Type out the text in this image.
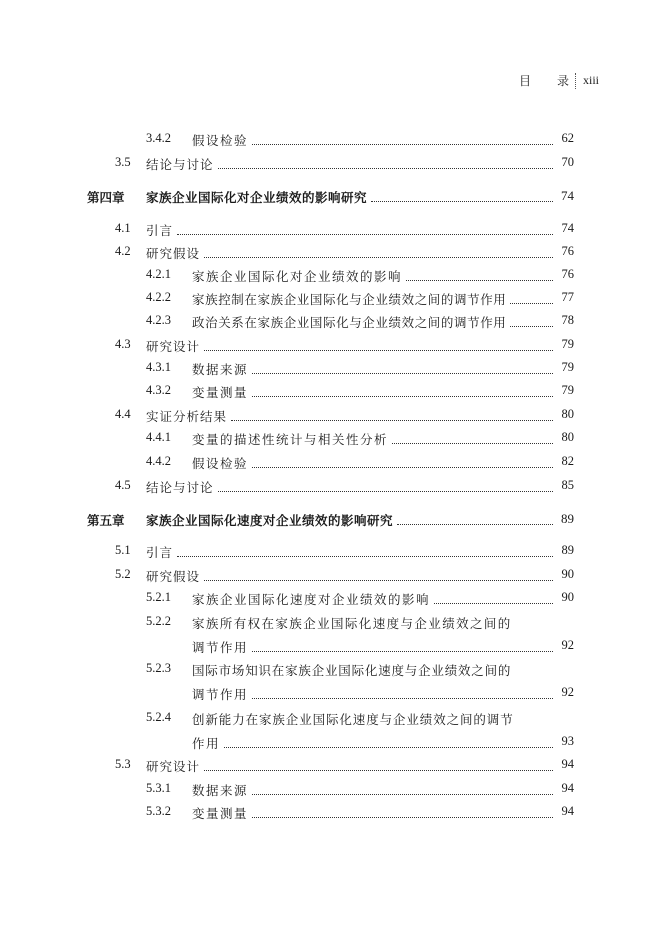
目 录 xiii
3.4.2 假设检验	62
3.5 结论与讨论	70
第四章 家族企业国际化对企业绩效的影响研究	74
4.1 引言	74
4.2 研究假设	76
4.2.1 家族企业国际化对企业绩效的影响	76
4.2.2 家族控制在家族企业国际化与企业绩效之间的调节作用	77
4.2.3 政治关系在家族企业国际化与企业绩效之间的调节作用	78
4.3 研究设计	79
4.3.1 数据来源	79
4.3.2 变量测量	79
4.4 实证分析结果	80
4.4.1 变量的描述性统计与相关性分析	80
4.4.2 假设检验	82
4.5 结论与讨论	85
第五章 家族企业国际化速度对企业绩效的影响研究	89
5.1 引言	89
5.2 研究假设	90
5.2.1 家族企业国际化速度对企业绩效的影响	90
5.2.2 家族所有权在家族企业国际化速度与企业绩效之间的
调节作用	92
5.2.3 国际市场知识在家族企业国际化速度与企业绩效之间的
调节作用	92
5.2.4 创新能力在家族企业国际化速度与企业绩效之间的调节
作用	93
5.3 研究设计	94
5.3.1 数据来源	94
5.3.2 变量测量	94
